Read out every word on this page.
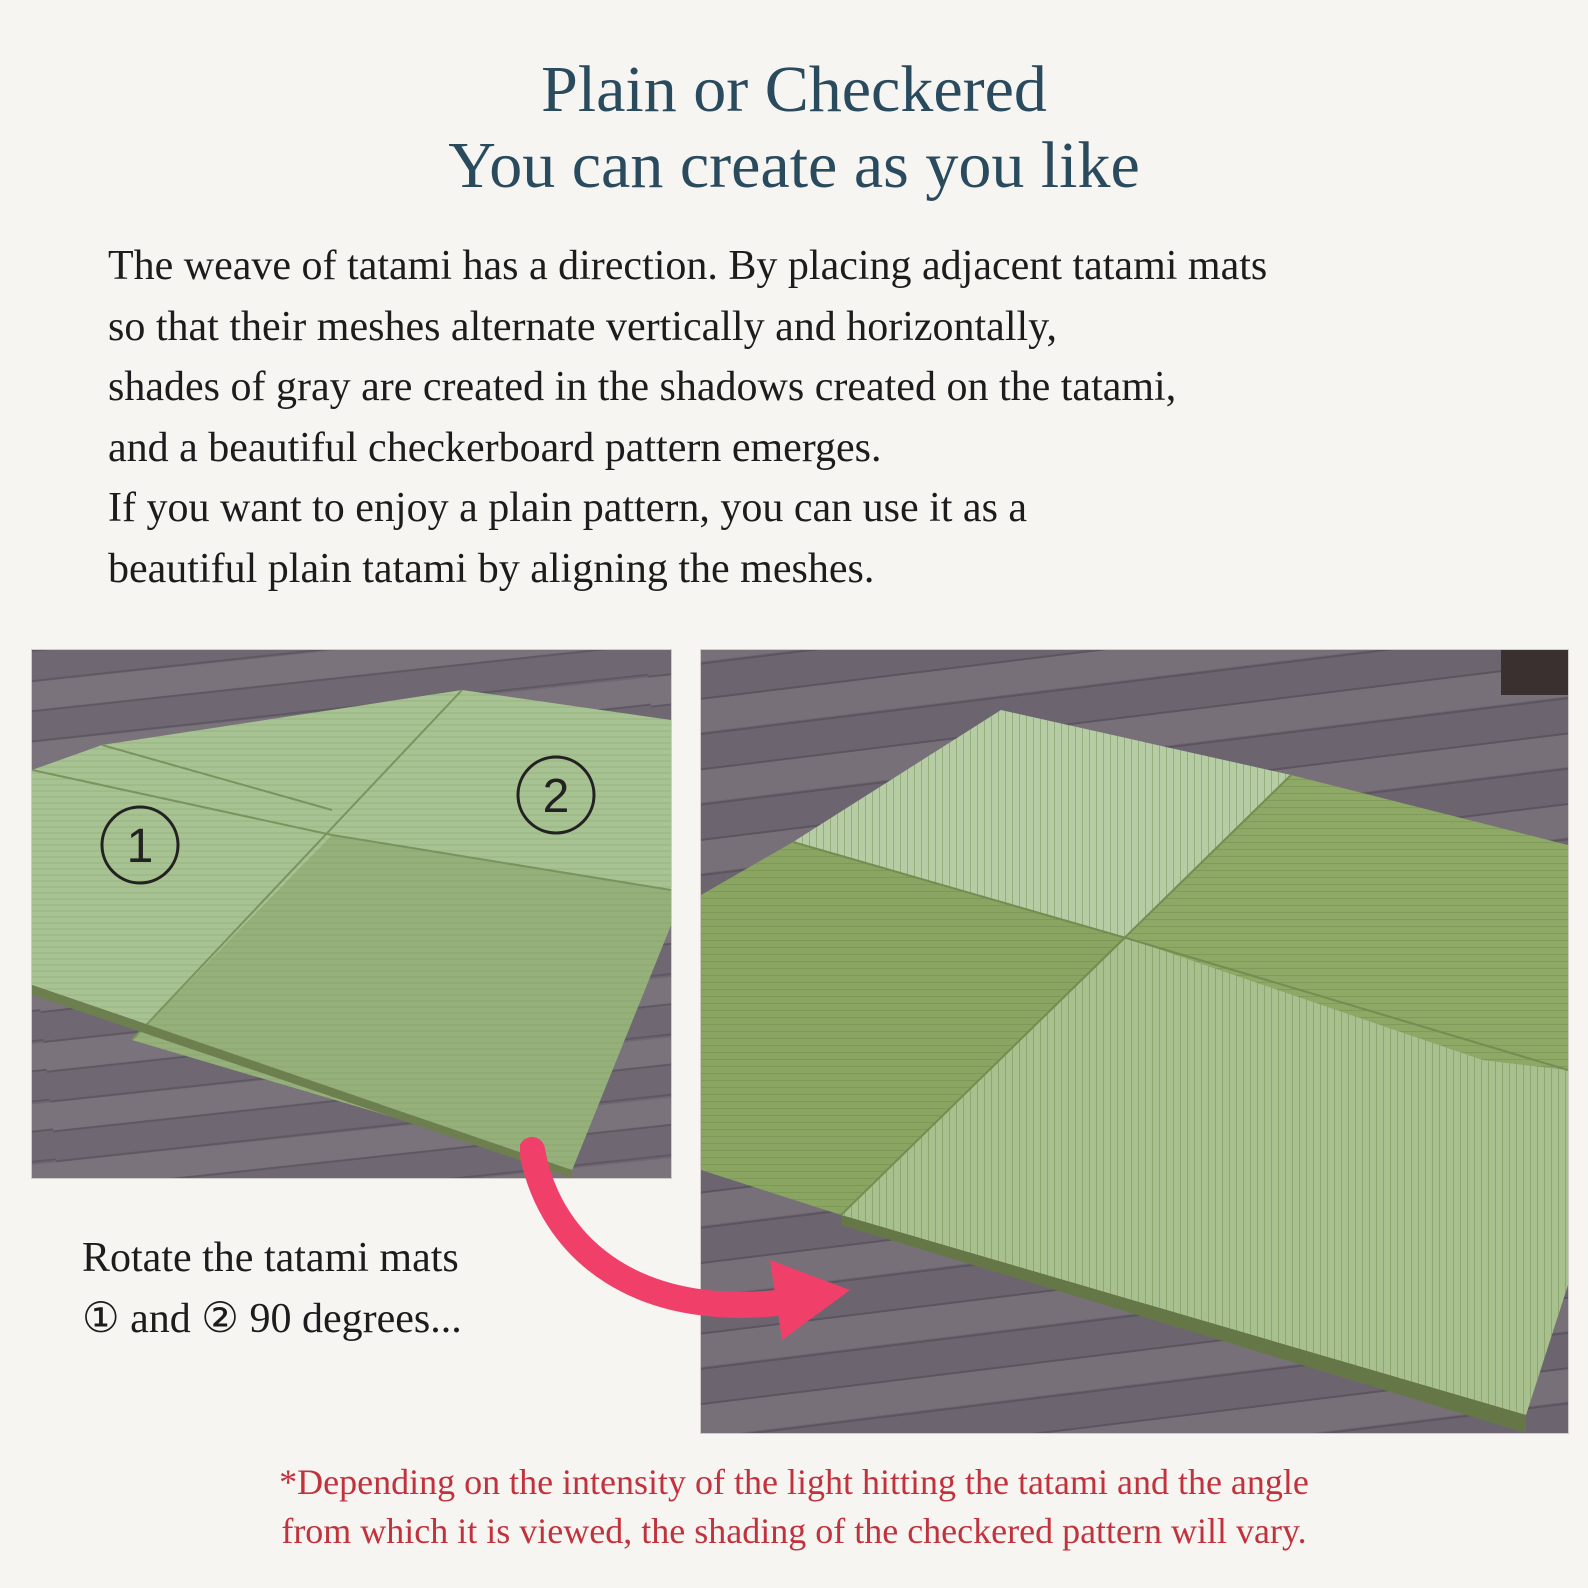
Plain or Checkered
You can create as you like
The weave of tatami has a direction. By placing adjacent tatami mats
so that their meshes alternate vertically and horizontally,
shades of gray are created in the shadows created on the tatami,
and a beautiful checkerboard pattern emerges.
If you want to enjoy a plain pattern, you can use it as a
beautiful plain tatami by aligning the meshes.
1
2
Rotate the tatami mats
① and ② 90 degrees...
*Depending on the intensity of the light hitting the tatami and the angle
from which it is viewed, the shading of the checkered pattern will vary.
